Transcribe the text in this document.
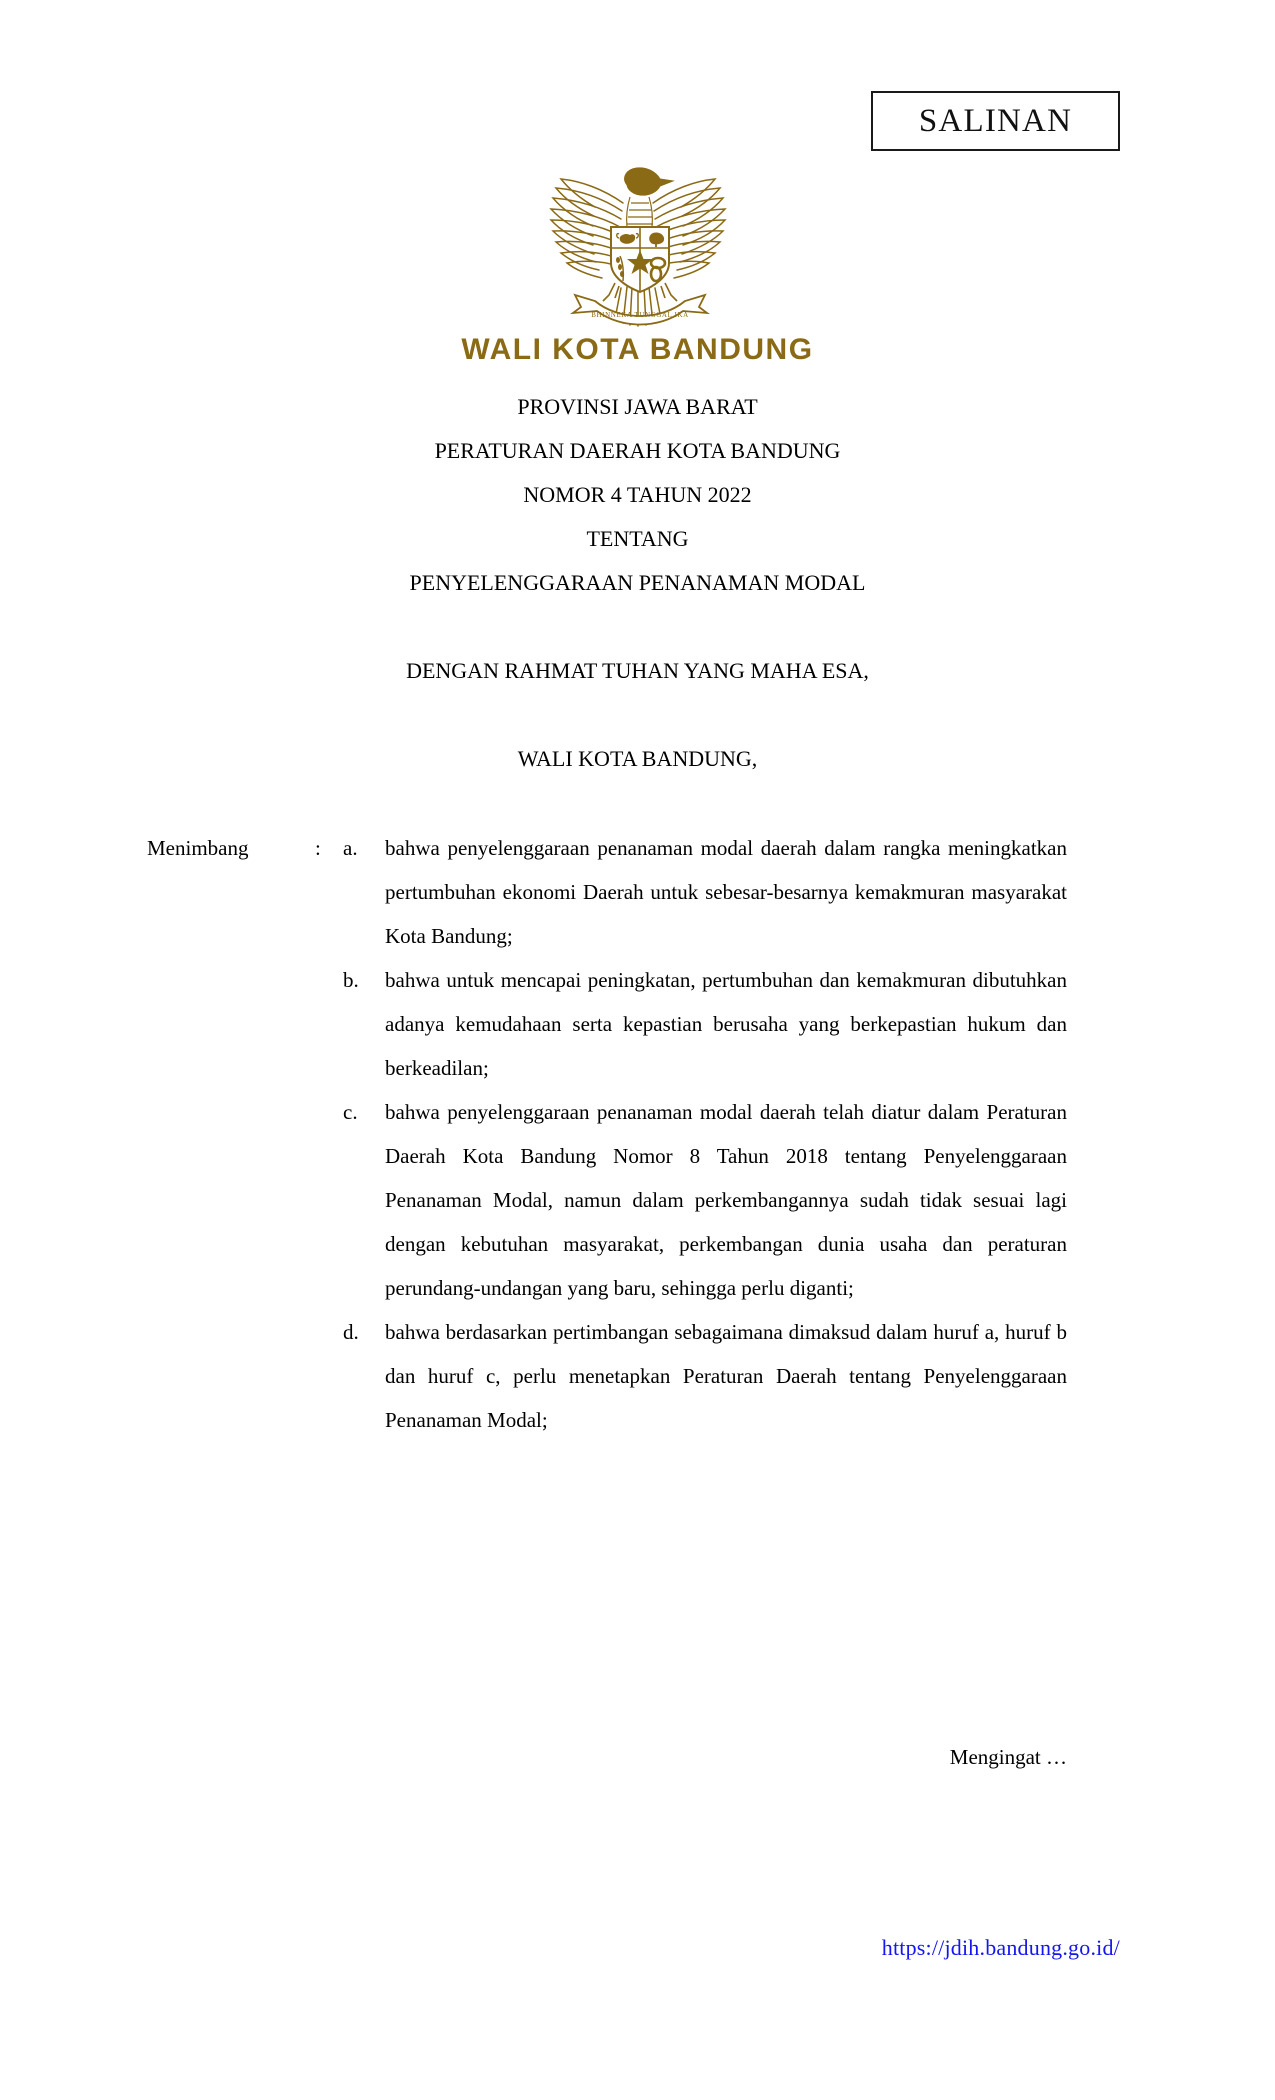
SALINAN
BHINNEKA TUNGGAL IKA
WALI KOTA BANDUNG
PROVINSI JAWA BARAT
PERATURAN DAERAH KOTA BANDUNG
NOMOR 4 TAHUN 2022
TENTANG
PENYELENGGARAAN PENANAMAN MODAL
DENGAN RAHMAT TUHAN YANG MAHA ESA,
WALI KOTA BANDUNG,
Menimbang	:	a.	bahwa penyelenggaraan penanaman modal daerah dalam rangka meningkatkan pertumbuhan ekonomi Daerah untuk sebesar-besarnya kemakmuran masyarakat Kota Bandung;
b.	bahwa untuk mencapai peningkatan, pertumbuhan dan kemakmuran dibutuhkan adanya kemudahaan serta kepastian berusaha yang berkepastian hukum dan berkeadilan;
c.	bahwa penyelenggaraan penanaman modal daerah telah diatur dalam Peraturan Daerah Kota Bandung Nomor 8 Tahun 2018 tentang Penyelenggaraan Penanaman Modal, namun dalam perkembangannya sudah tidak sesuai lagi dengan kebutuhan masyarakat, perkembangan dunia usaha dan peraturan perundang-undangan yang baru, sehingga perlu diganti;
d.	bahwa berdasarkan pertimbangan sebagaimana dimaksud dalam huruf a, huruf b dan huruf c, perlu menetapkan Peraturan Daerah tentang Penyelenggaraan Penanaman Modal;
Mengingat …
https://jdih.bandung.go.id/
